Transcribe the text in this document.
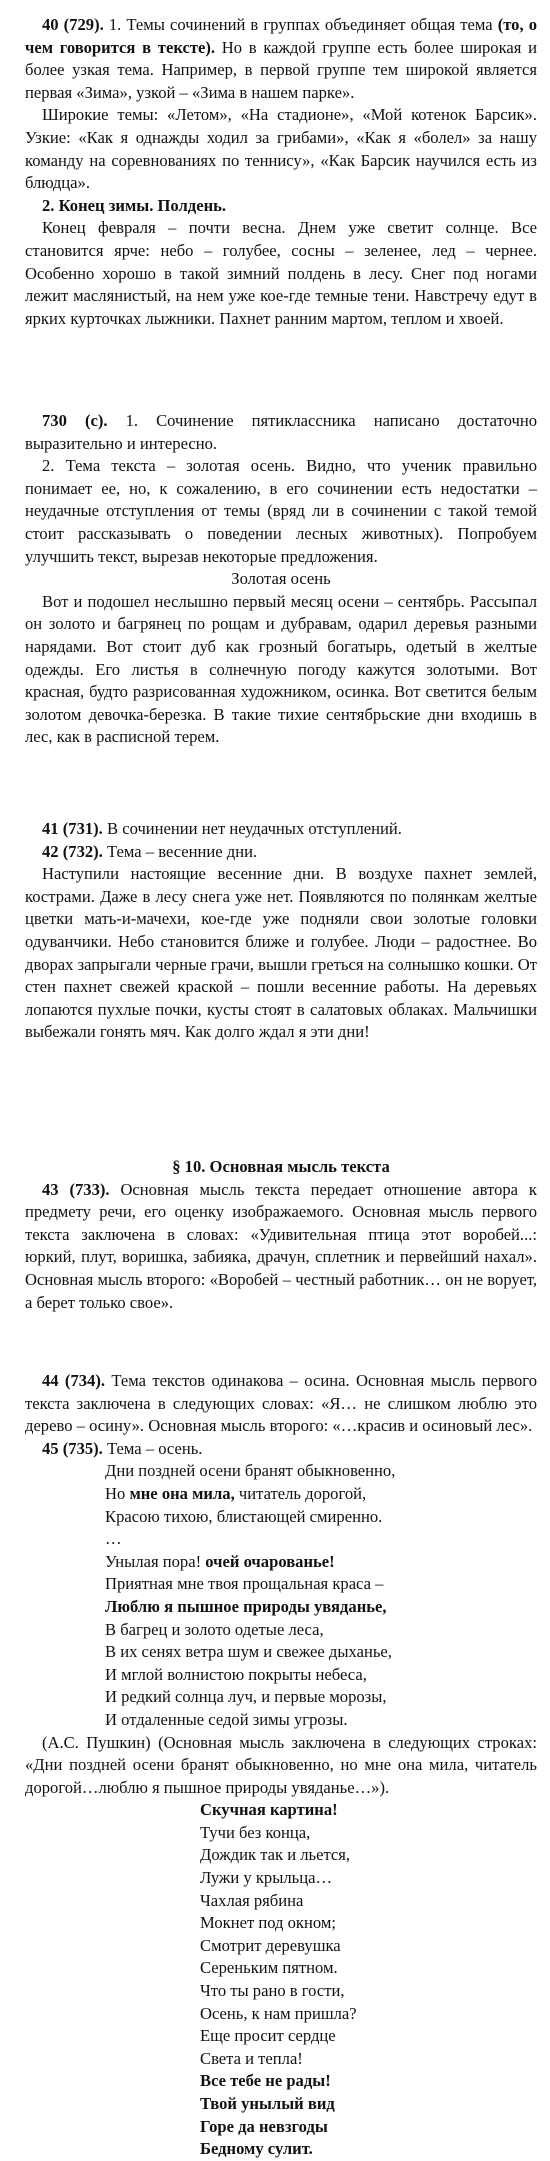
40 (729). 1. Темы сочинений в группах объединяет общая тема (то, о чем говорится в тексте). Но в каждой группе есть более широкая и более узкая тема. Например, в первой группе тем широкой является первая «Зима», узкой – «Зима в нашем парке».
Широкие темы: «Летом», «На стадионе», «Мой котенок Барсик». Узкие: «Как я однажды ходил за грибами», «Как я «болел» за нашу команду на соревнованиях по теннису», «Как Барсик научился есть из блюдца».
2. Конец зимы. Полдень.
Конец февраля – почти весна. Днем уже светит солнце. Все становится ярче: небо – голубее, сосны – зеленее, лед – чернее. Особенно хорошо в такой зимний полдень в лесу. Снег под ногами лежит маслянистый, на нем уже кое-где темные тени. Навстречу едут в ярких курточках лыжники. Пахнет ранним мартом, теплом и хвоей.
730 (с). 1. Сочинение пятиклассника написано достаточно выразительно и интересно.
2. Тема текста – золотая осень. Видно, что ученик правильно понимает ее, но, к сожалению, в его сочинении есть недостатки – неудачные отступления от темы (вряд ли в сочинении с такой темой стоит рассказывать о поведении лесных животных). Попробуем улучшить текст, вырезав некоторые предложения.
Золотая осень
Вот и подошел неслышно первый месяц осени – сентябрь. Рассыпал он золото и багрянец по рощам и дубравам, одарил деревья разными нарядами. Вот стоит дуб как грозный богатырь, одетый в желтые одежды. Его листья в солнечную погоду кажутся золотыми. Вот красная, будто разрисованная художником, осинка. Вот светится белым золотом девочка-березка. В такие тихие сентябрьские дни входишь в лес, как в расписной терем.
41 (731). В сочинении нет неудачных отступлений.
42 (732). Тема – весенние дни.
Наступили настоящие весенние дни. В воздухе пахнет землей, кострами. Даже в лесу снега уже нет. Появляются по полянкам желтые цветки мать-и-мачехи, кое-где уже подняли свои золотые головки одуванчики. Небо становится ближе и голубее. Люди – радостнее. Во дворах запрыгали черные грачи, вышли греться на солнышко кошки. От стен пахнет свежей краской – пошли весенние работы. На деревьях лопаются пухлые почки, кусты стоят в салатовых облаках. Мальчишки выбежали гонять мяч. Как долго ждал я эти дни!
§ 10. Основная мысль текста
43 (733). Основная мысль текста передает отношение автора к предмету речи, его оценку изображаемого. Основная мысль первого текста заключена в словах: «Удивительная птица этот воробей...: юркий, плут, воришка, забияка, драчун, сплетник и первейший нахал». Основная мысль второго: «Воробей – честный работник… он не ворует, а берет только свое».
44 (734). Тема текстов одинакова – осина. Основная мысль первого текста заключена в следующих словах: «Я… не слишком люблю это дерево – осину». Основная мысль второго: «…красив и осиновый лес».
45 (735). Тема – осень.
Дни поздней осени бранят обыкновенно,
Но мне она мила, читатель дорогой,
Красою тихою, блистающей смиренно.
…
Унылая пора! очей очарованье!
Приятная мне твоя прощальная краса –
Люблю я пышное природы увяданье,
В багрец и золото одетые леса,
В их сенях ветра шум и свежее дыханье,
И мглой волнистою покрыты небеса,
И редкий солнца луч, и первые морозы,
И отдаленные седой зимы угрозы.
(А.С. Пушкин) (Основная мысль заключена в следующих строках: «Дни поздней осени бранят обыкновенно, но мне она мила, читатель дорогой…люблю я пышное природы увяданье…»).
Скучная картина!
Тучи без конца,
Дождик так и льется,
Лужи у крыльца…
Чахлая рябина
Мокнет под окном;
Смотрит деревушка
Сереньким пятном.
Что ты рано в гости,
Осень, к нам пришла?
Еще просит сердце
Света и тепла!
Все тебе не рады!
Твой унылый вид
Горе да невзгоды
Бедному сулит.
